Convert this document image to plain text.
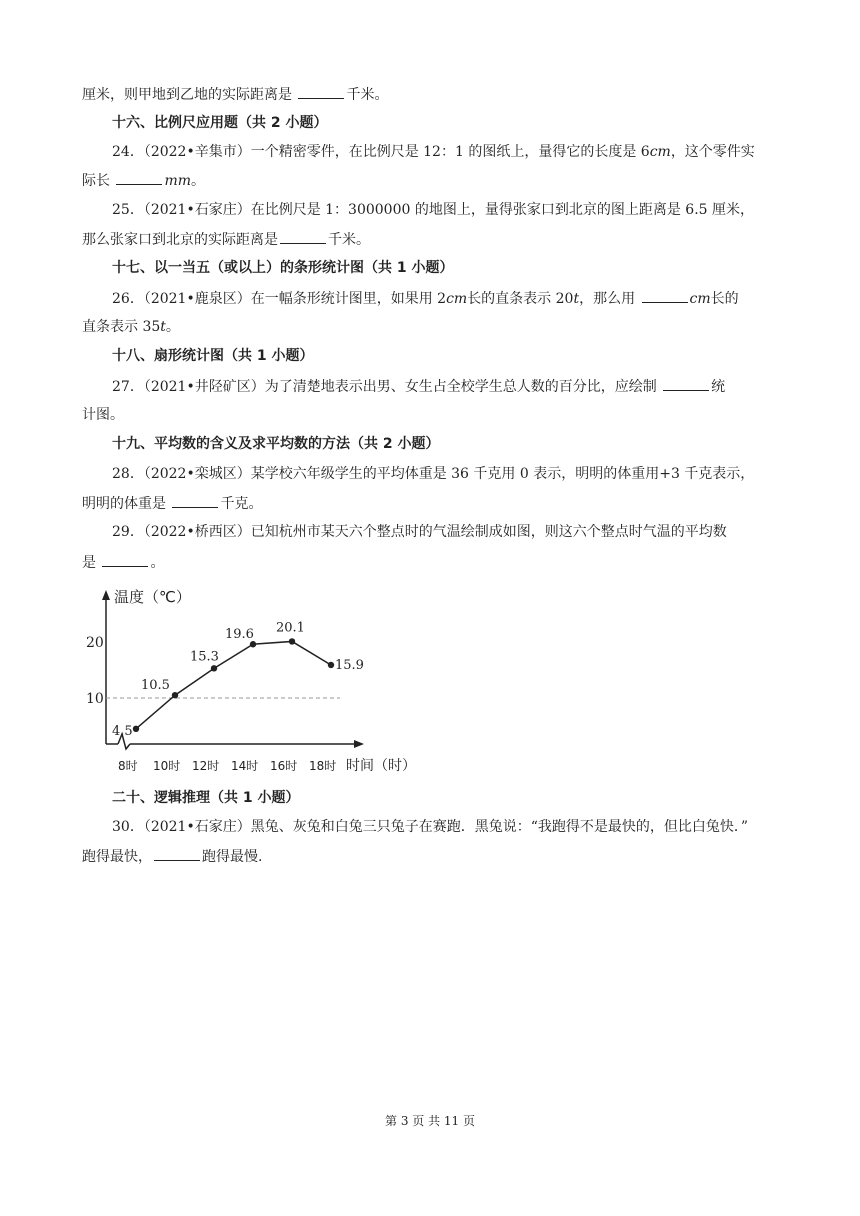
厘米，则甲地到乙地的实际距离是	千米。
十六、比例尺应用题（共 2 小题）
24．（2022•辛集市）一个精密零件，在比例尺是 12：1 的图纸上，量得它的长度是 6cm，这个零件实
际长	mm。
25．（2021•石家庄）在比例尺是 1：3000000 的地图上，量得张家口到北京的图上距离是 6.5 厘米，
那么张家口到北京的实际距离是	千米。
十七、以一当五（或以上）的条形统计图（共 1 小题）
26．（2021•鹿泉区）在一幅条形统计图里，如果用 2cm长的直条表示 20t，那么用	cm长的
直条表示 35t。
十八、扇形统计图（共 1 小题）
27．（2021•井陉矿区）为了清楚地表示出男、女生占全校学生总人数的百分比，应绘制	统
计图。
十九、平均数的含义及求平均数的方法（共 2 小题）
28．（2022•栾城区）某学校六年级学生的平均体重是 36 千克用 0 表示，明明的体重用+3 千克表示，
明明的体重是	千克。
29．（2022•桥西区）已知杭州市某天六个整点时的气温绘制成如图，则这六个整点时气温的平均数
是	。
温度（℃）
时间（时）
10
20
4.5
10.5
15.3
19.6 20.1
15.9
8时 10时 12时 14时 16时 18时
二十、逻辑推理（共 1 小题）
30．（2021•石家庄）黑兔、灰兔和白兔三只兔子在赛跑．黑兔说：“我跑得不是最快的，但比白兔快．”
跑得最快，	跑得最慢.
第 3 页 共 11 页
